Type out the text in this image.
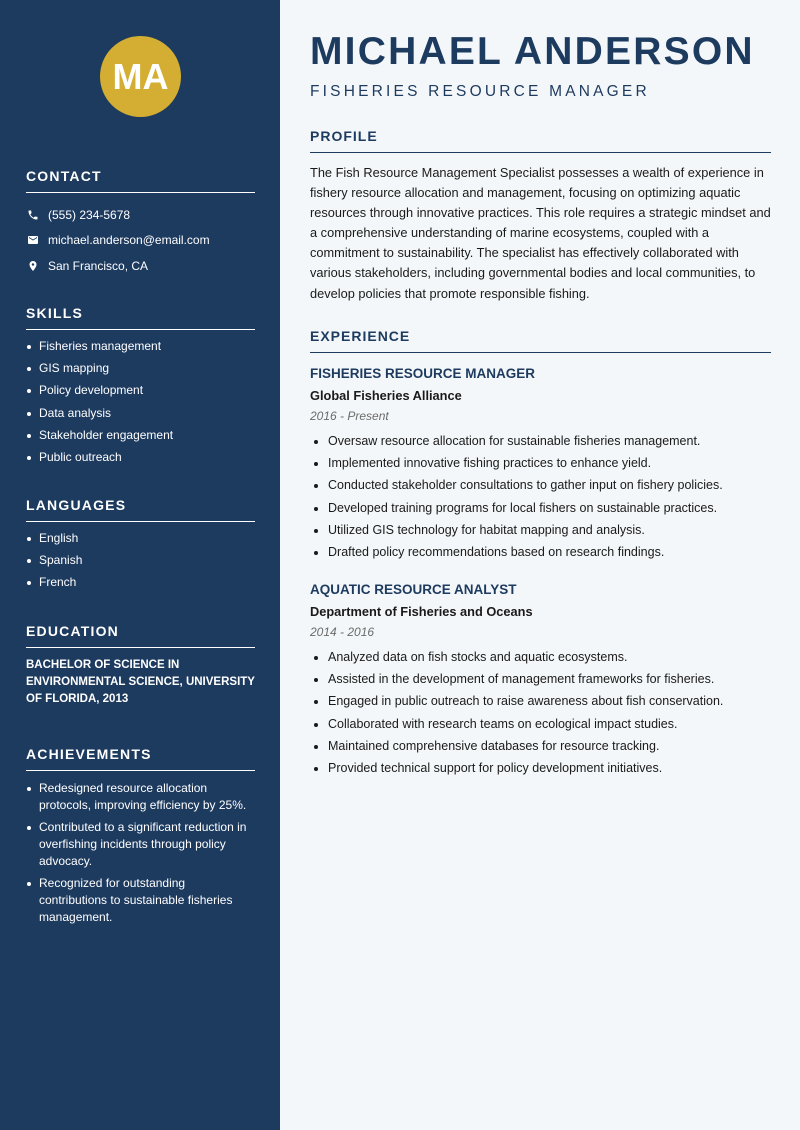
MA
CONTACT
(555) 234-5678
michael.anderson@email.com
San Francisco, CA
SKILLS
Fisheries management
GIS mapping
Policy development
Data analysis
Stakeholder engagement
Public outreach
LANGUAGES
English
Spanish
French
EDUCATION
BACHELOR OF SCIENCE IN ENVIRONMENTAL SCIENCE, UNIVERSITY OF FLORIDA, 2013
ACHIEVEMENTS
Redesigned resource allocation protocols, improving efficiency by 25%.
Contributed to a significant reduction in overfishing incidents through policy advocacy.
Recognized for outstanding contributions to sustainable fisheries management.
MICHAEL ANDERSON
FISHERIES RESOURCE MANAGER
PROFILE
The Fish Resource Management Specialist possesses a wealth of experience in fishery resource allocation and management, focusing on optimizing aquatic resources through innovative practices. This role requires a strategic mindset and a comprehensive understanding of marine ecosystems, coupled with a commitment to sustainability. The specialist has effectively collaborated with various stakeholders, including governmental bodies and local communities, to develop policies that promote responsible fishing.
EXPERIENCE
FISHERIES RESOURCE MANAGER
Global Fisheries Alliance
2016 - Present
Oversaw resource allocation for sustainable fisheries management.
Implemented innovative fishing practices to enhance yield.
Conducted stakeholder consultations to gather input on fishery policies.
Developed training programs for local fishers on sustainable practices.
Utilized GIS technology for habitat mapping and analysis.
Drafted policy recommendations based on research findings.
AQUATIC RESOURCE ANALYST
Department of Fisheries and Oceans
2014 - 2016
Analyzed data on fish stocks and aquatic ecosystems.
Assisted in the development of management frameworks for fisheries.
Engaged in public outreach to raise awareness about fish conservation.
Collaborated with research teams on ecological impact studies.
Maintained comprehensive databases for resource tracking.
Provided technical support for policy development initiatives.
